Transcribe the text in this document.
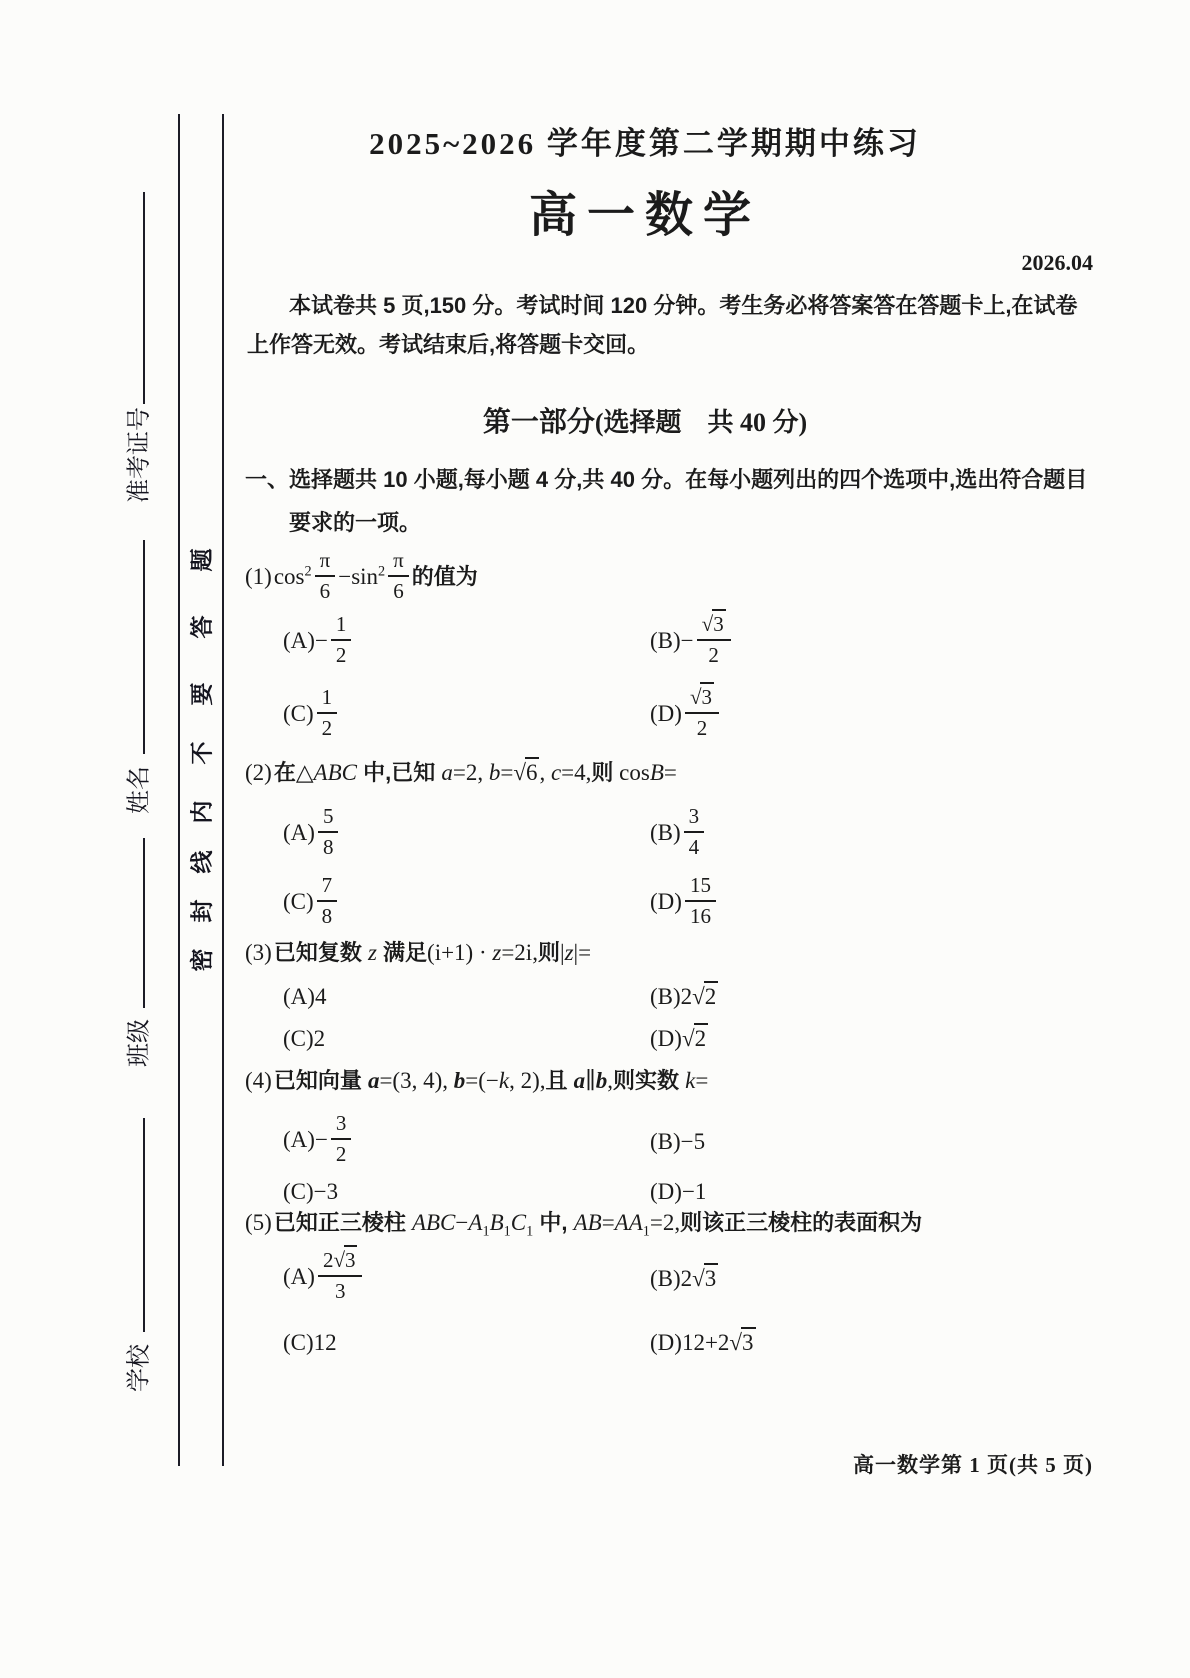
题
答
要
不
内
线
封
密
准考证号
姓名
班级
学校
2025~2026 学年度第二学期期中练习
高一数学
2026.04
本试卷共 5 页,150 分。考试时间 120 分钟。考生务必将答案答在答题卡上,在试卷
上作答无效。考试结束后,将答题卡交回。
第一部分(选择题　共 40 分)
一、选择题共 10 小题,每小题 4 分,共 40 分。在每小题列出的四个选项中,选出符合题目
要求的一项。
$(1)\cos^2 \frac{\pi}{6} -\sin^2 \frac{\pi}{6}$ 的值为
$(A)- \frac{1}{2}$	$(B)- \frac{√3}{2}$
$(C) \frac{1}{2}$	$(D) \frac{√3}{2}$
(2)在△ABC 中,已知 a=2, b=√6, c=4,则 cosB=
$(A) \frac{5}{8}$	$(B) \frac{3}{4}$
$(C) \frac{7}{8}$	$(D) \frac{15}{16}$
(3)已知复数 z 满足(i+1) · z=2i,则|z|=
(A)4	(B)2√2
(C)2	(D)√2
(4)已知向量 a=(3, 4), b=(−k, 2),且 a∥b,则实数 k=
$(A)- \frac{3}{2}$	(B)−5
(C)−3	(D)−1
(5)已知正三棱柱 $ABC-A_1B_1C_1$ 中, $AB=AA_1=2$,则该正三棱柱的表面积为
$(A) \frac{2√3}{3}$	(B)2√3
(C)12	(D)12+2√3
高一数学第 1 页(共 5 页)
